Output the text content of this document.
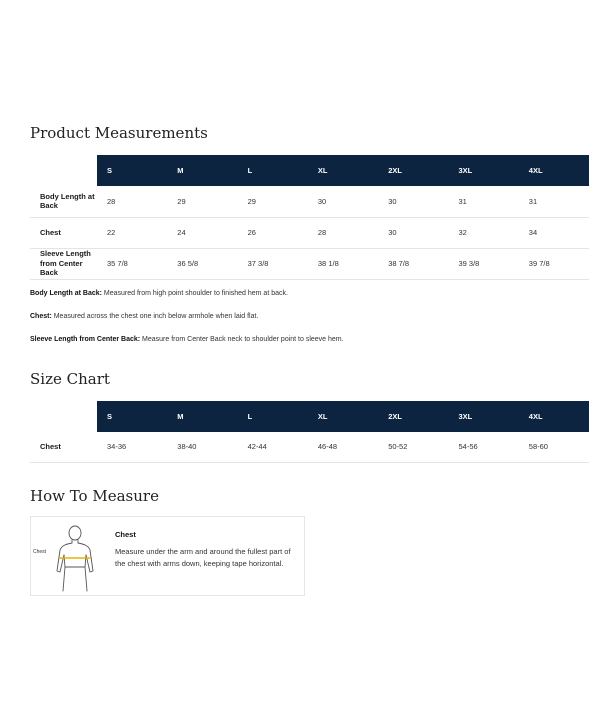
Product Measurements
	S	M	L	XL	2XL	3XL	4XL
Body Length at Back	28	29	29	30	30	31	31
Chest	22	24	26	28	30	32	34
Sleeve Length from Center Back	35 7/8	36 5/8	37 3/8	38 1/8	38 7/8	39 3/8	39 7/8

Body Length at Back: Measured from high point shoulder to finished hem at back.

Chest: Measured across the chest one inch below armhole when laid flat.

Sleeve Length from Center Back: Measure from Center Back neck to shoulder point to sleeve hem.

Size Chart
	S	M	L	XL	2XL	3XL	4XL
Chest	34-36	38-40	42-44	46-48	50-52	54-56	58-60
How To Measure
Chest
Chest
Measure under the arm and around the fullest part of the chest with arms down, keeping tape horizontal.
